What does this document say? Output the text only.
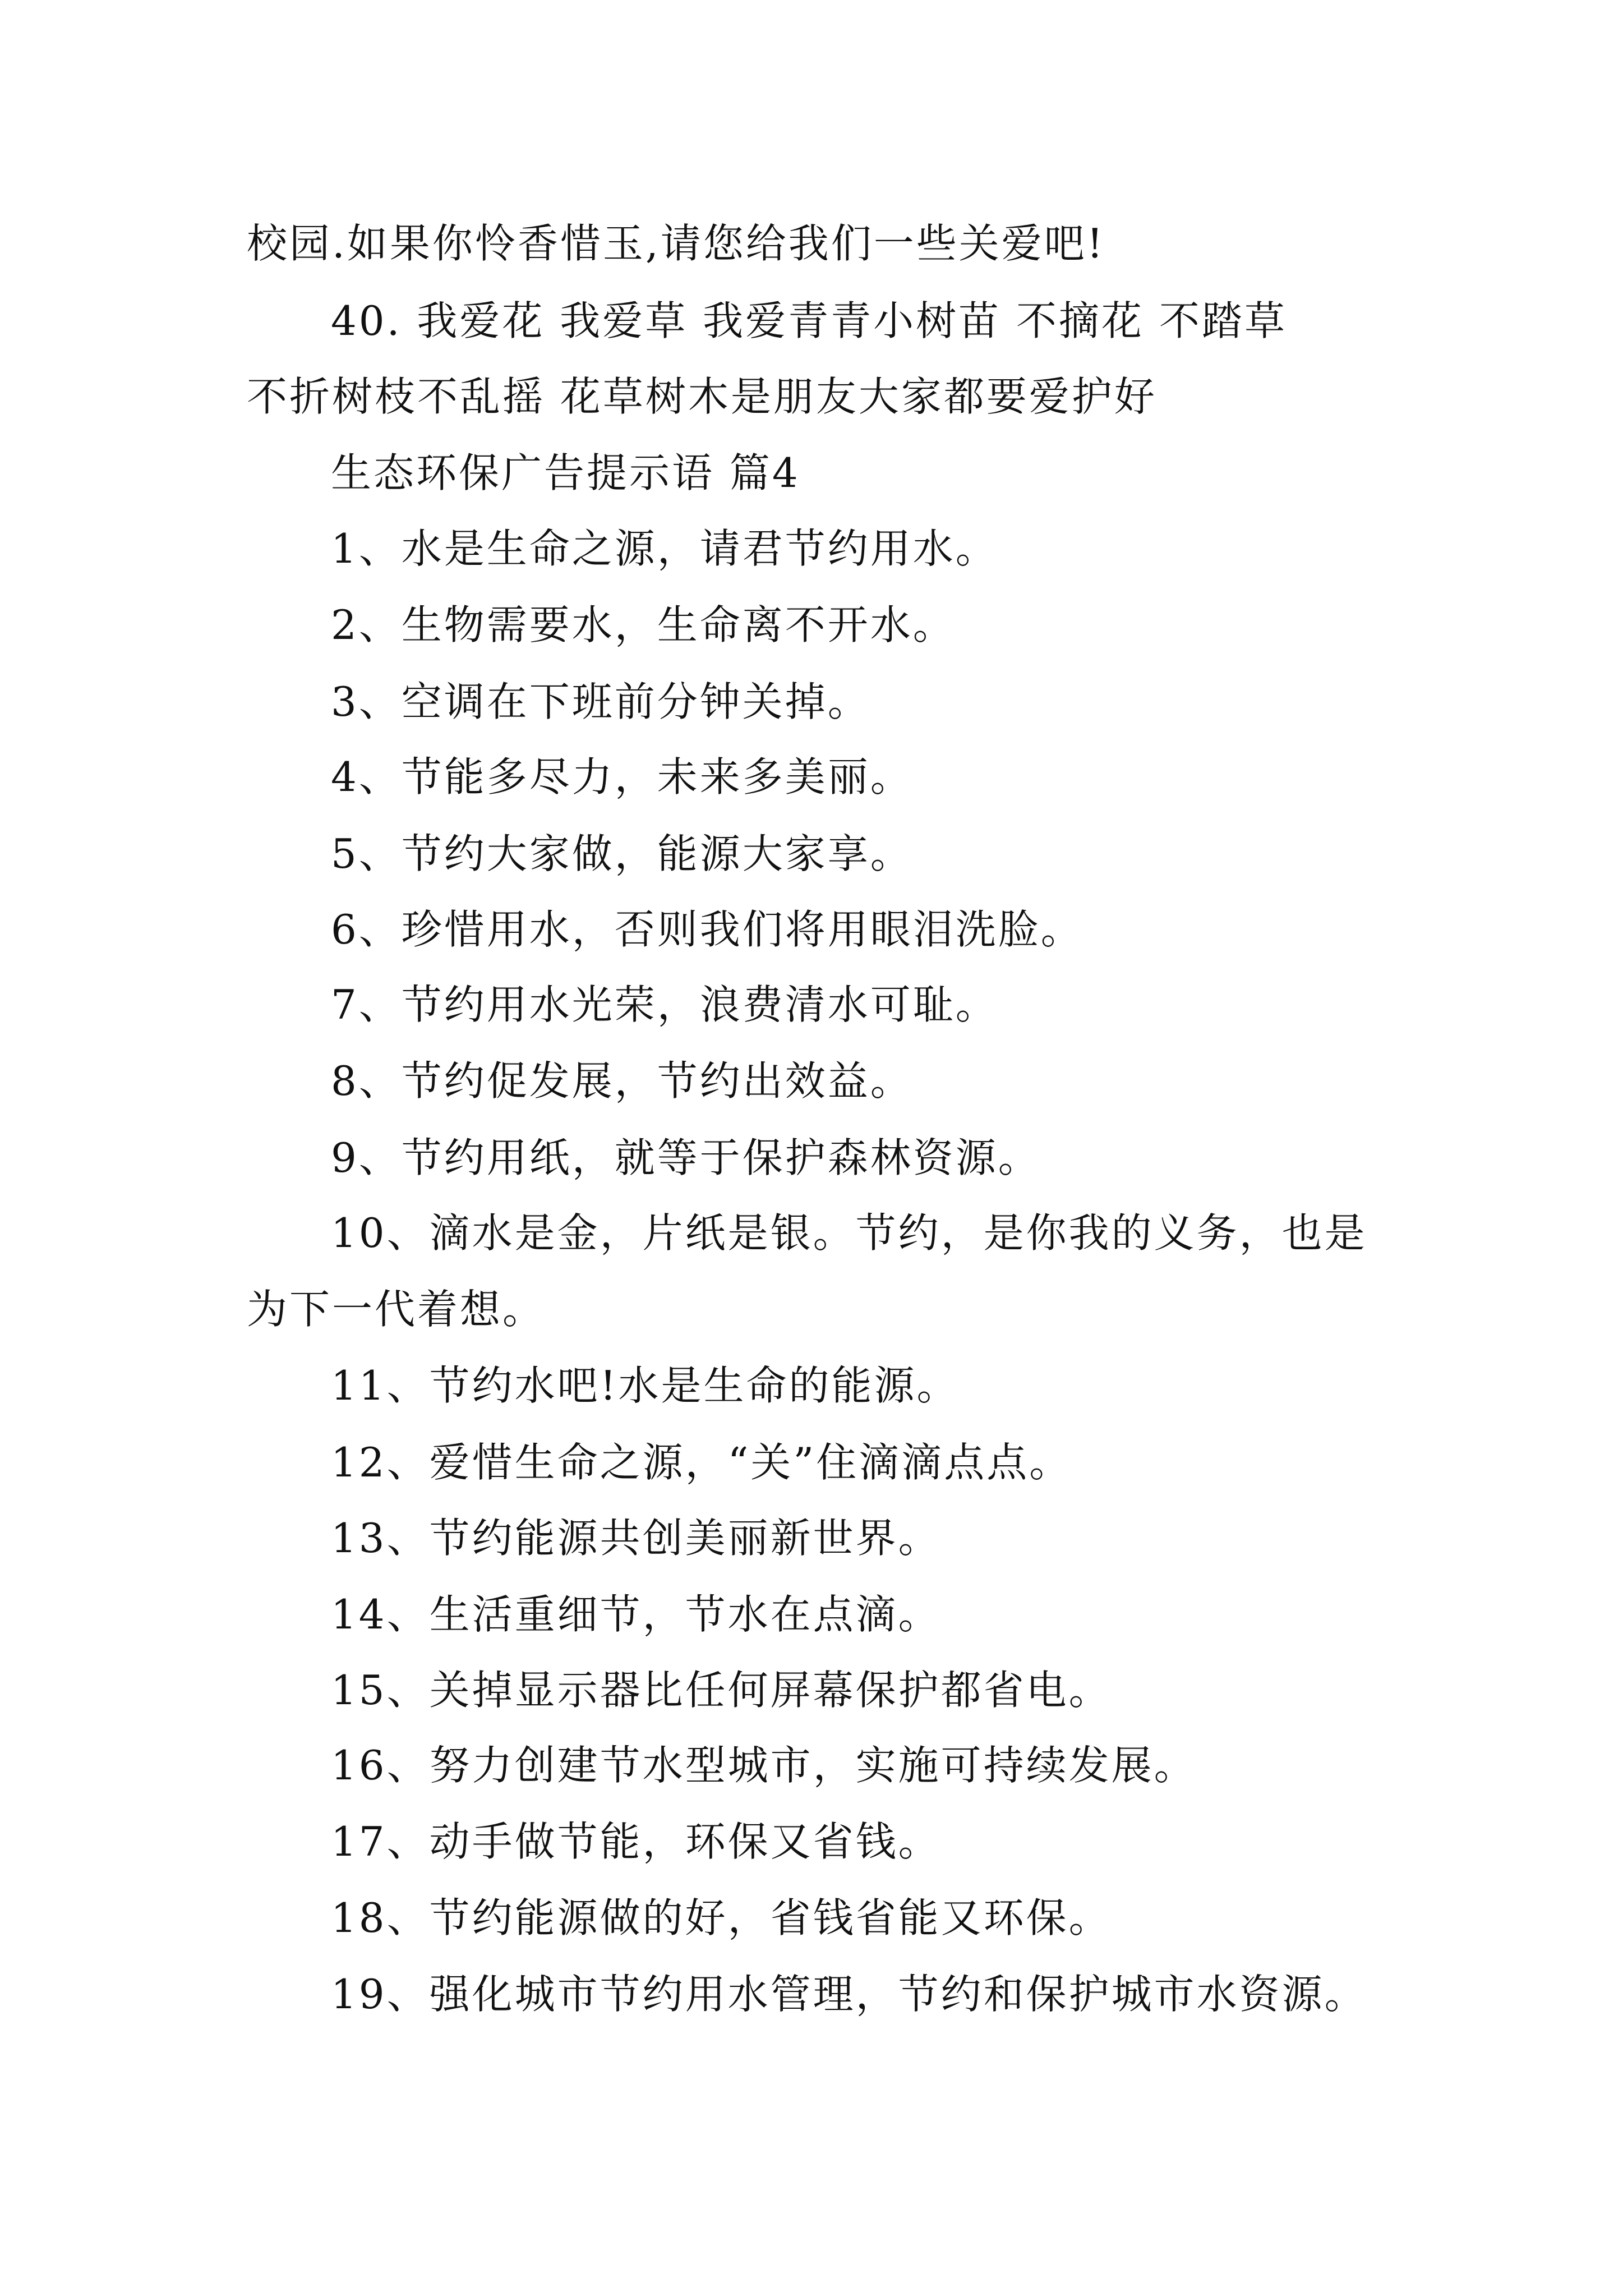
校园.如果你怜香惜玉,请您给我们一些关爱吧!

40. 我爱花 我爱草 我爱青青小树苗 不摘花 不踏草

不折树枝不乱摇 花草树木是朋友大家都要爱护好

生态环保广告提示语 篇4

1、水是生命之源，请君节约用水。

2、生物需要水，生命离不开水。

3、空调在下班前分钟关掉。

4、节能多尽力，未来多美丽。

5、节约大家做，能源大家享。

6、珍惜用水，否则我们将用眼泪洗脸。

7、节约用水光荣，浪费清水可耻。

8、节约促发展，节约出效益。

9、节约用纸，就等于保护森林资源。

10、滴水是金，片纸是银。节约，是你我的义务，也是

为下一代着想。

11、节约水吧!水是生命的能源。

12、爱惜生命之源，“关”住滴滴点点。

13、节约能源共创美丽新世界。

14、生活重细节，节水在点滴。

15、关掉显示器比任何屏幕保护都省电。

16、努力创建节水型城市，实施可持续发展。

17、动手做节能，环保又省钱。

18、节约能源做的好，省钱省能又环保。

19、强化城市节约用水管理，节约和保护城市水资源。
